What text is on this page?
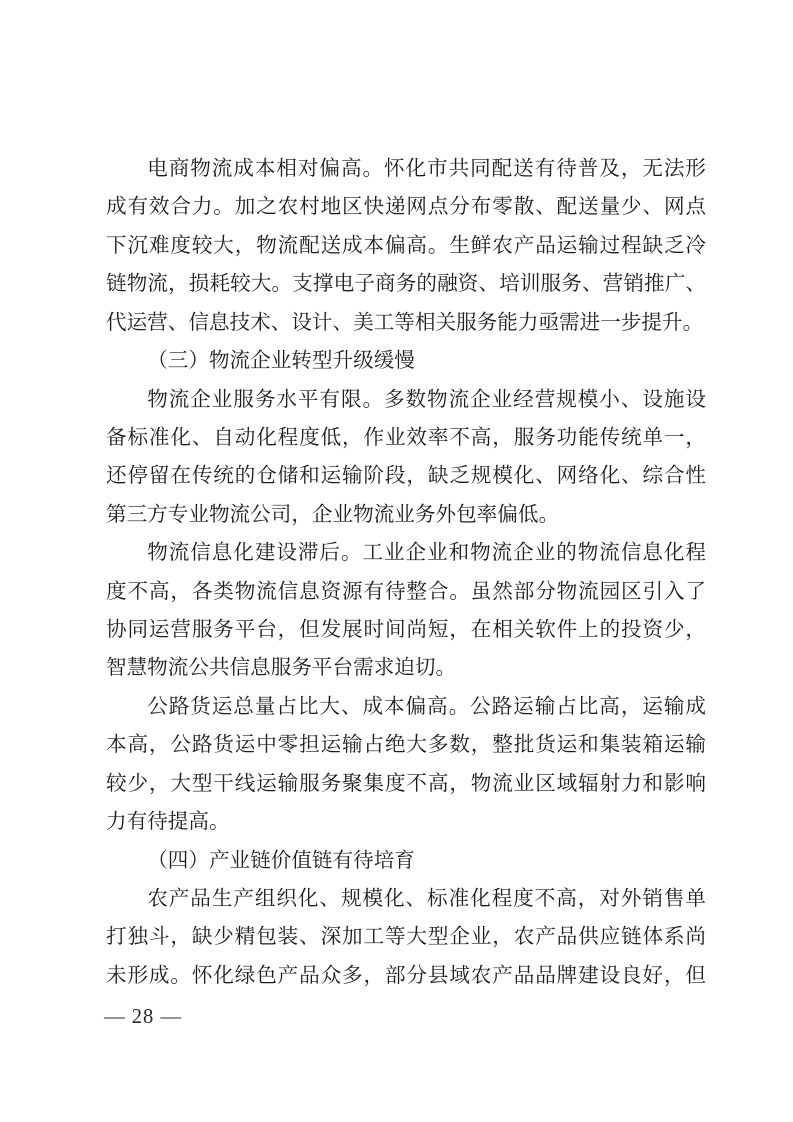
电商物流成本相对偏高。怀化市共同配送有待普及，无法形
成有效合力。加之农村地区快递网点分布零散、配送量少、网点
下沉难度较大，物流配送成本偏高。生鲜农产品运输过程缺乏冷
链物流，损耗较大。支撑电子商务的融资、培训服务、营销推广、
代运营、信息技术、设计、美工等相关服务能力亟需进一步提升。
（三）物流企业转型升级缓慢
物流企业服务水平有限。多数物流企业经营规模小、设施设
备标准化、自动化程度低，作业效率不高，服务功能传统单一，
还停留在传统的仓储和运输阶段，缺乏规模化、网络化、综合性
第三方专业物流公司，企业物流业务外包率偏低。
物流信息化建设滞后。工业企业和物流企业的物流信息化程
度不高，各类物流信息资源有待整合。虽然部分物流园区引入了
协同运营服务平台，但发展时间尚短，在相关软件上的投资少，
智慧物流公共信息服务平台需求迫切。
公路货运总量占比大、成本偏高。公路运输占比高，运输成
本高，公路货运中零担运输占绝大多数，整批货运和集装箱运输
较少，大型干线运输服务聚集度不高，物流业区域辐射力和影响
力有待提高。
（四）产业链价值链有待培育
农产品生产组织化、规模化、标准化程度不高，对外销售单
打独斗，缺少精包装、深加工等大型企业，农产品供应链体系尚
未形成。怀化绿色产品众多，部分县域农产品品牌建设良好，但
— 28 —
